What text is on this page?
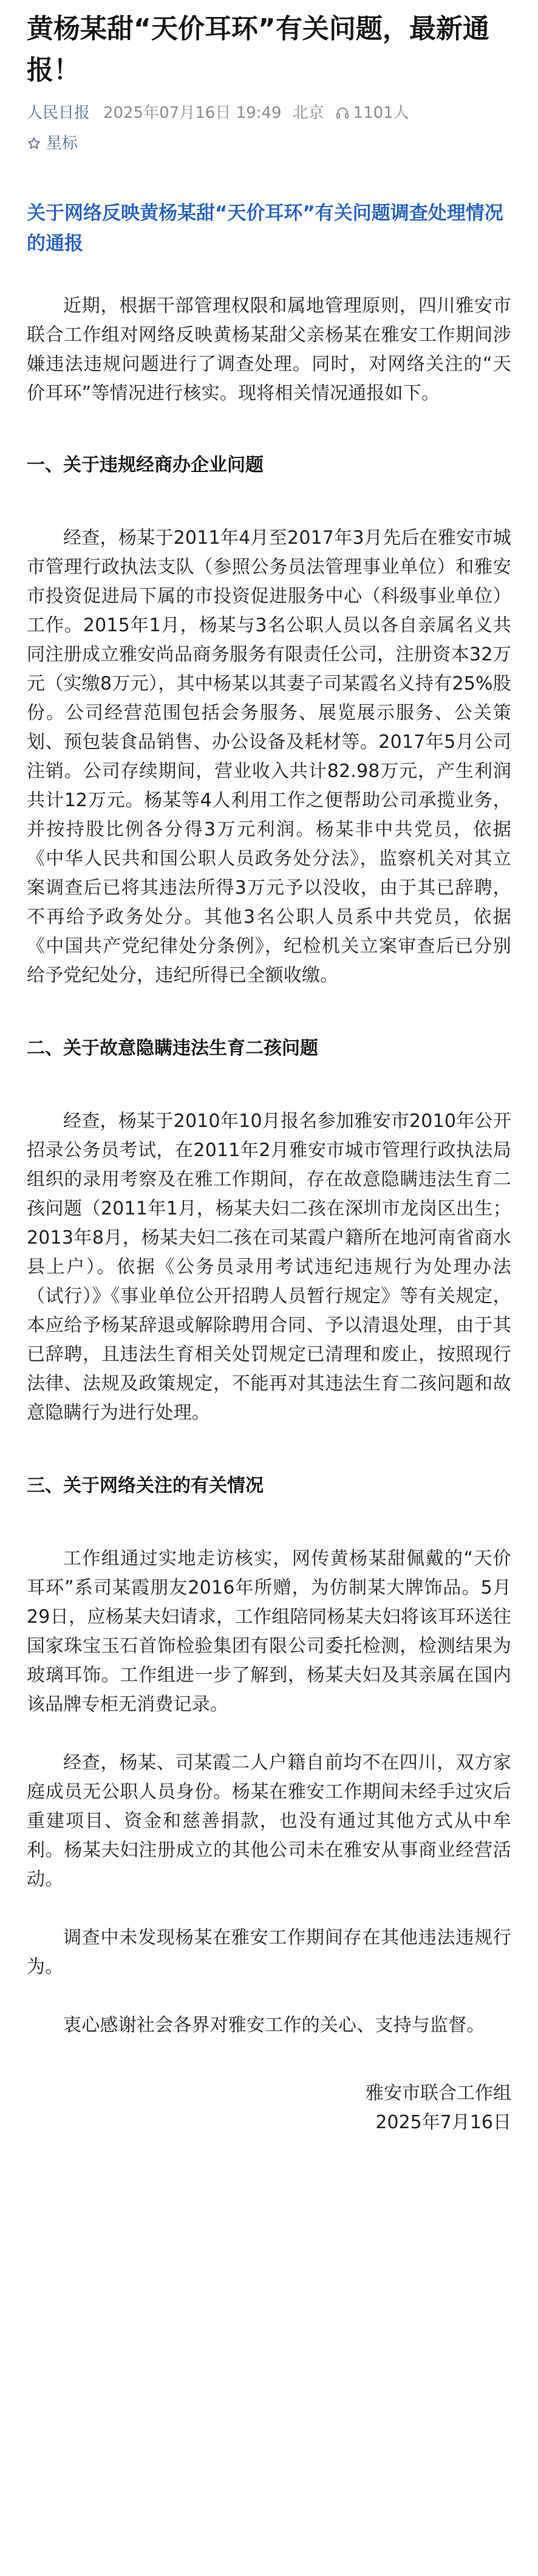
黄杨某甜“天价耳环”有关问题，最新通报！
人民日报 2025年07月16日 19:49 北京 1101人
星标
关于网络反映黄杨某甜“天价耳环”有关问题调查处理情况的通报

近期，根据干部管理权限和属地管理原则，四川雅安市联合工作组对网络反映黄杨某甜父亲杨某在雅安工作期间涉嫌违法违规问题进行了调查处理。同时，对网络关注的“天价耳环”等情况进行核实。现将相关情况通报如下。

一、关于违规经商办企业问题

经查，杨某于2011年4月至2017年3月先后在雅安市城市管理行政执法支队（参照公务员法管理事业单位）和雅安市投资促进局下属的市投资促进服务中心（科级事业单位）工作。2015年1月，杨某与3名公职人员以各自亲属名义共同注册成立雅安尚品商务服务有限责任公司，注册资本32万元（实缴8万元），其中杨某以其妻子司某霞名义持有25%股份。公司经营范围包括会务服务、展览展示服务、公关策划、预包装食品销售、办公设备及耗材等。2017年5月公司注销。公司存续期间，营业收入共计82.98万元，产生利润共计12万元。杨某等4人利用工作之便帮助公司承揽业务，并按持股比例各分得3万元利润。杨某非中共党员，依据《中华人民共和国公职人员政务处分法》，监察机关对其立案调查后已将其违法所得3万元予以没收，由于其已辞聘，不再给予政务处分。其他3名公职人员系中共党员，依据《中国共产党纪律处分条例》，纪检机关立案审查后已分别给予党纪处分，违纪所得已全额收缴。

二、关于故意隐瞒违法生育二孩问题

经查，杨某于2010年10月报名参加雅安市2010年公开招录公务员考试，在2011年2月雅安市城市管理行政执法局组织的录用考察及在雅工作期间，存在故意隐瞒违法生育二孩问题（2011年1月，杨某夫妇二孩在深圳市龙岗区出生；2013年8月，杨某夫妇二孩在司某霞户籍所在地河南省商水县上户）。依据《公务员录用考试违纪违规行为处理办法（试行）》《事业单位公开招聘人员暂行规定》等有关规定，本应给予杨某辞退或解除聘用合同、予以清退处理，由于其已辞聘，且违法生育相关处罚规定已清理和废止，按照现行法律、法规及政策规定，不能再对其违法生育二孩问题和故意隐瞒行为进行处理。

三、关于网络关注的有关情况

工作组通过实地走访核实，网传黄杨某甜佩戴的“天价耳环”系司某霞朋友2016年所赠，为仿制某大牌饰品。5月29日，应杨某夫妇请求，工作组陪同杨某夫妇将该耳环送往国家珠宝玉石首饰检验集团有限公司委托检测，检测结果为玻璃耳饰。工作组进一步了解到，杨某夫妇及其亲属在国内该品牌专柜无消费记录。

经查，杨某、司某霞二人户籍自前均不在四川，双方家庭成员无公职人员身份。杨某在雅安工作期间未经手过灾后重建项目、资金和慈善捐款，也没有通过其他方式从中牟利。杨某夫妇注册成立的其他公司未在雅安从事商业经营活动。

调查中未发现杨某在雅安工作期间存在其他违法违规行为。

衷心感谢社会各界对雅安工作的关心、支持与监督。

雅安市联合工作组

2025年7月16日
